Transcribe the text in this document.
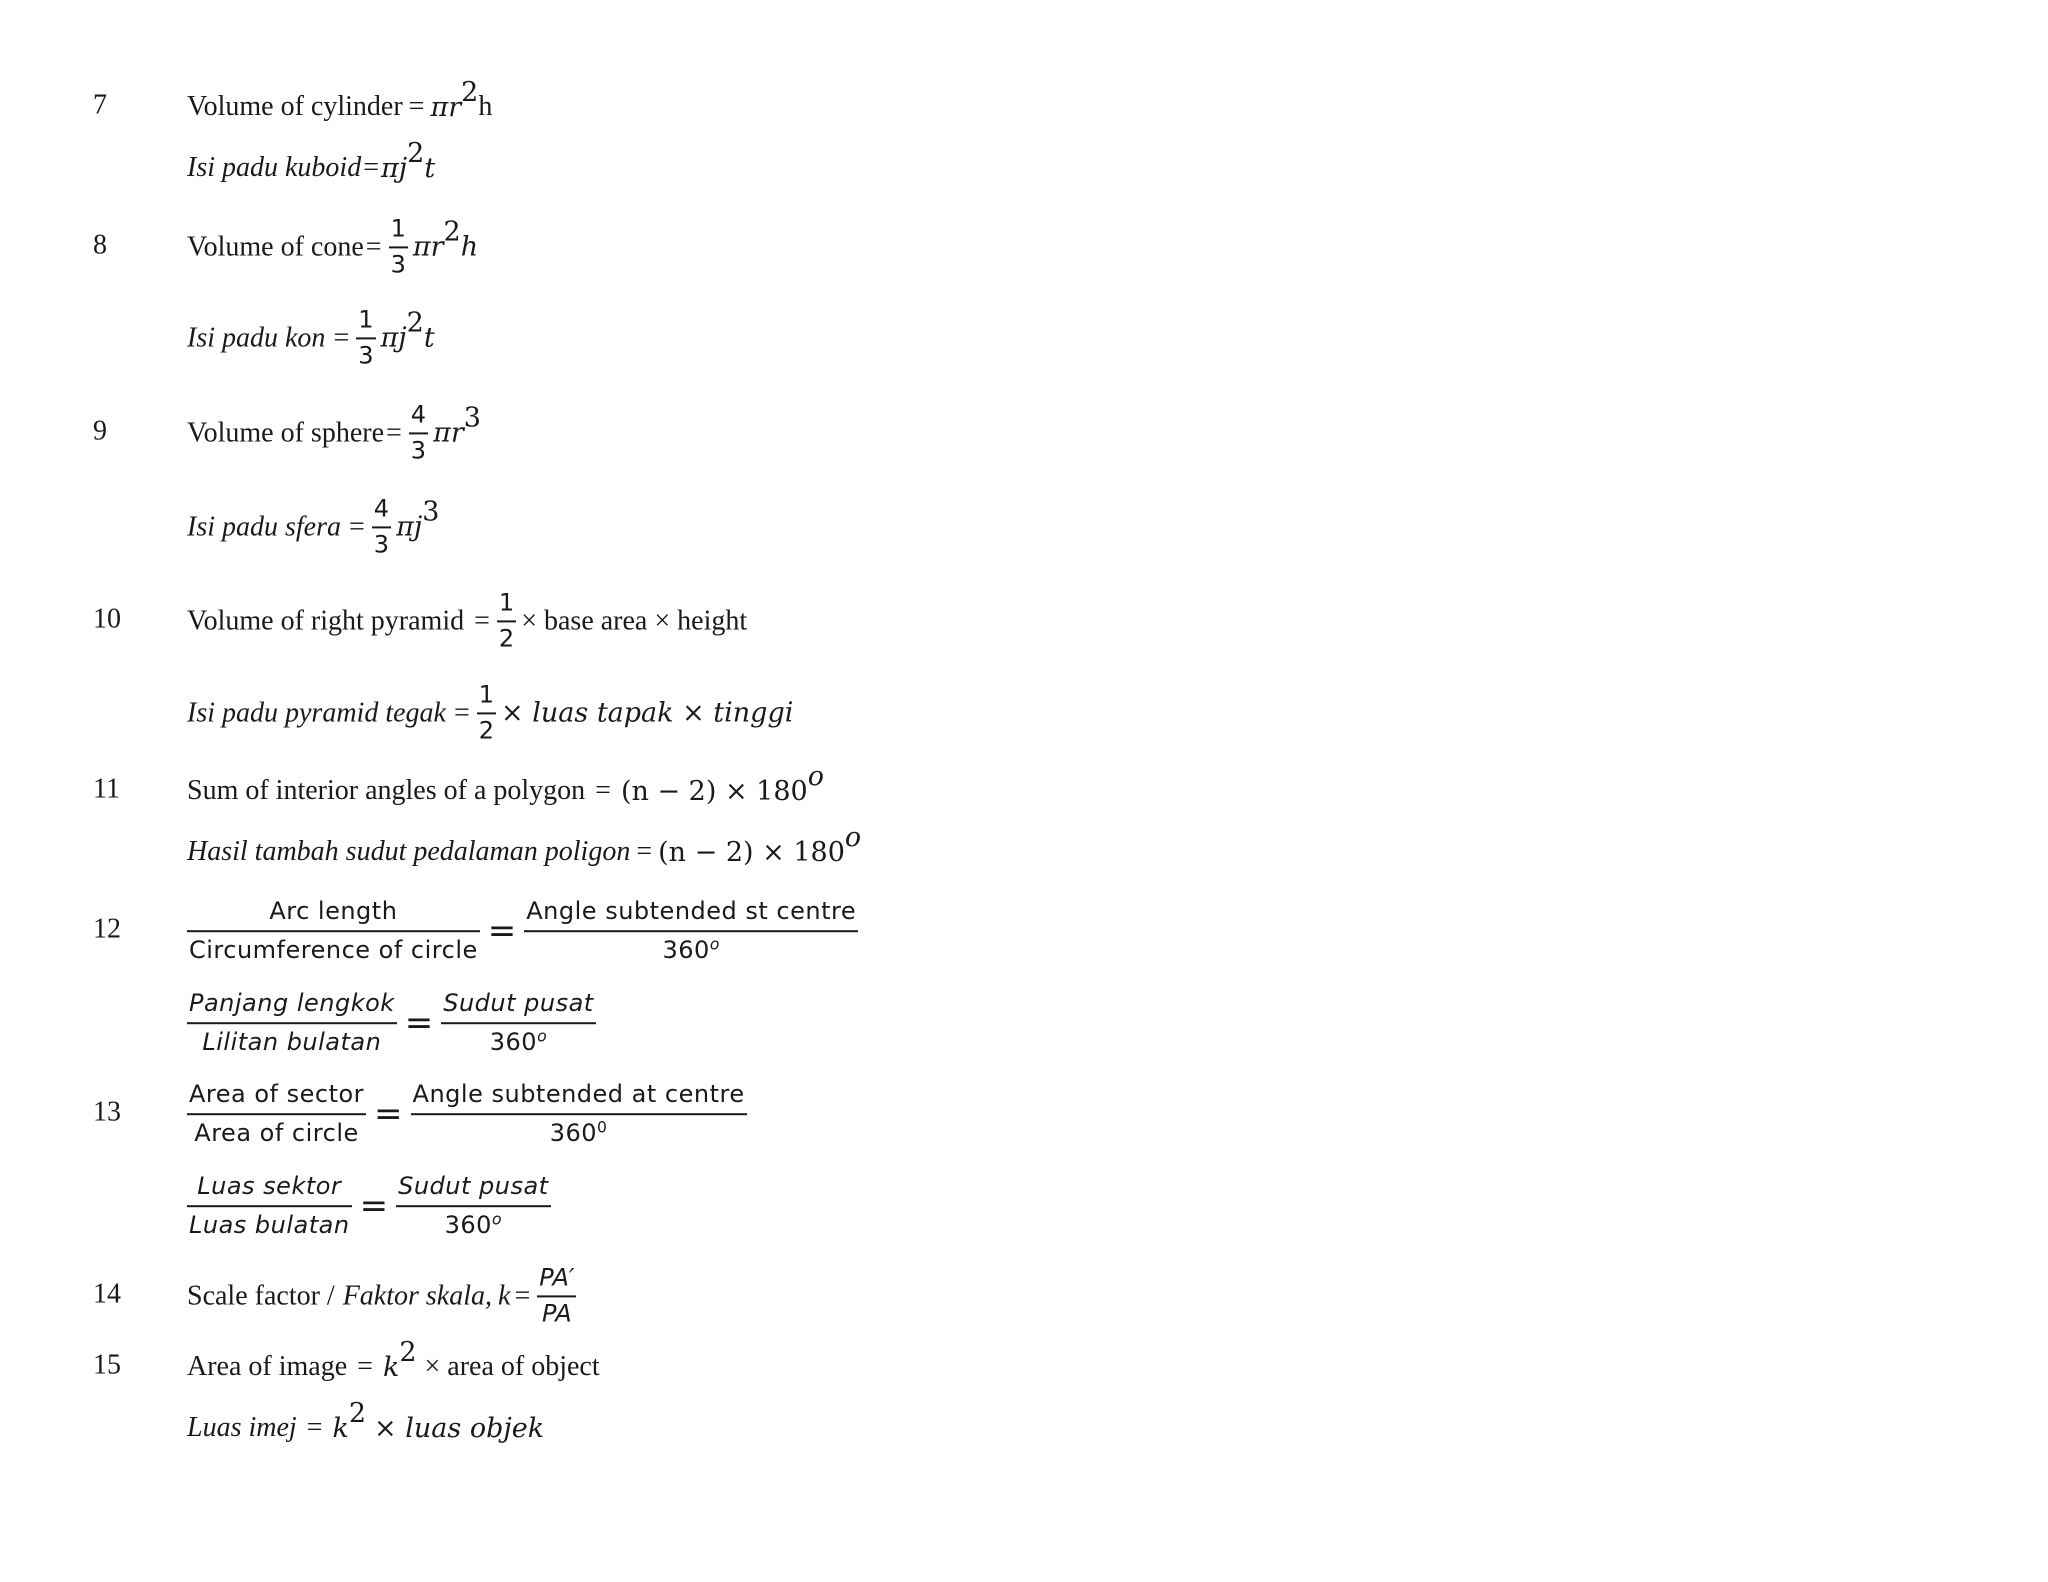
7	Volume of cylinder = $\pi r^2$ h
Isi padu kuboid = $\pi j^2t$
8	Volume of cone = $\frac{1}{3} \pi r^2h$
Isi padu kon = $\frac{1}{3} \pi j^2t$
9	Volume of sphere = $\frac{4}{3} \pi r^3$
Isi padu sfera = $\frac{4}{3} \pi j^3$
10 Volume of right pyramid = $\frac{1}{2}$ × base area × height
Isi padu pyramid tegak = $\frac{1}{2}$ × luas tapak × tinggi
11 Sum of interior angles of a polygon = $(n - 2) \times 180^o$
Hasil tambah sudut pedalaman poligon = $(n - 2) \times 180^o$
12
Arc length
Circumference of circle = Angle subtended st centre
360$^o$
Panjang lengkok
Lilitan bulatan = Sudut pusat
360$^o$
13
Area of sector
Area of circle = Angle subtended at centre
$360^0$
Luas sektor
Luas bulatan = Sudut pusat
360$^o$
14 Scale factor / Faktor skala, $k = \frac{PA'}{PA}$
15 Area of image = $k^2$ × area of object
Luas imej = $k^2$ × luas objek
